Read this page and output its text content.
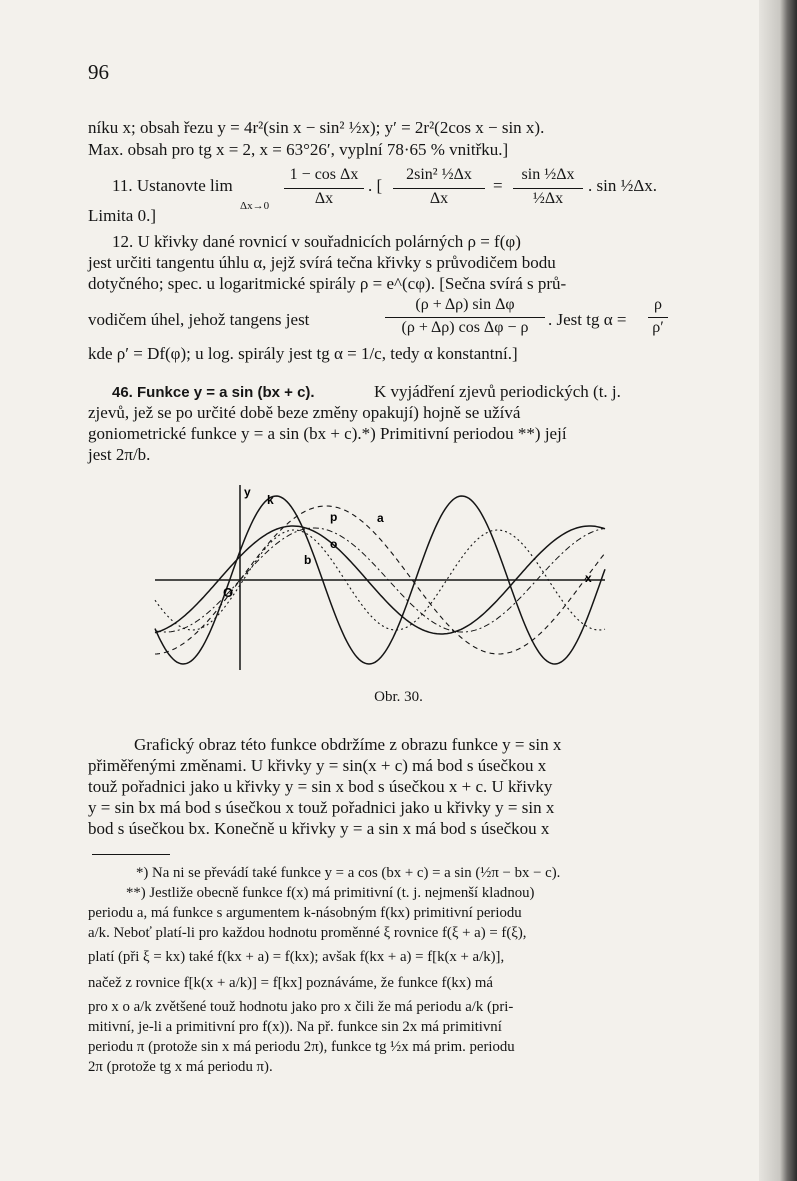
96
níku x; obsah řezu y = 4r²(sin x − sin² ½x); y′ = 2r²(2cos x − sin x).
Max. obsah pro tg x = 2, x = 63°26′, vyplní 78·65 % vnitřku.]
11. Ustanovte lim
Δx→0
1 − cos Δx
Δx
. [
2sin² ½Δx
Δx
=
sin ½Δx
½Δx
. sin ½Δx.
Limita 0.]
12. U křivky dané rovnicí v souřadnicích polárných ρ = f(φ)
jest určiti tangentu úhlu α, jejž svírá tečna křivky s průvodičem bodu
dotyčného; spec. u logaritmické spirály ρ = e^(cφ). [Sečna svírá s prů-
vodičem úhel, jehož tangens jest
(ρ + Δρ) sin Δφ
(ρ + Δρ) cos Δφ − ρ	. Jest tg α =
ρ
ρ′
kde ρ′ = Df(φ); u log. spirály jest tg α = 1/c, tedy α konstantní.]
46. Funkce y = a sin (bx + c).	K vyjádření zjevů periodických (t. j.
zjevů, jež se po určité době beze změny opakují) hojně se užívá
goniometrické funkce y = a sin (bx + c).*) Primitivní periodou **) její
jest 2π/b.
y
k
p	a
o
b
O
x
Obr. 30.
Grafický obraz této funkce obdržíme z obrazu funkce y = sin x
přiměřenými změnami. U křivky y = sin(x + c) má bod s úsečkou x
touž pořadnici jako u křivky y = sin x bod s úsečkou x + c. U křivky
y = sin bx má bod s úsečkou x touž pořadnici jako u křivky y = sin x
bod s úsečkou bx. Konečně u křivky y = a sin x má bod s úsečkou x
*) Na ni se převádí také funkce y = a cos (bx + c) = a sin (½π − bx − c).
**) Jestliže obecně funkce f(x) má primitivní (t. j. nejmenší kladnou)
periodu a, má funkce s argumentem k-násobným f(kx) primitivní periodu
a/k. Neboť platí-li pro každou hodnotu proměnné ξ rovnice f(ξ + a) = f(ξ),
platí (při ξ = kx) také f(kx + a) = f(kx); avšak f(kx + a) = f[k(x + a/k)],
načež z rovnice f[k(x + a/k)] = f[kx] poznáváme, že funkce f(kx) má
pro x o a/k zvětšené touž hodnotu jako pro x čili že má periodu a/k (pri-
mitivní, je-li a primitivní pro f(x)). Na př. funkce sin 2x má primitivní
periodu π (protože sin x má periodu 2π), funkce tg ½x má prim. periodu
2π (protože tg x má periodu π).
